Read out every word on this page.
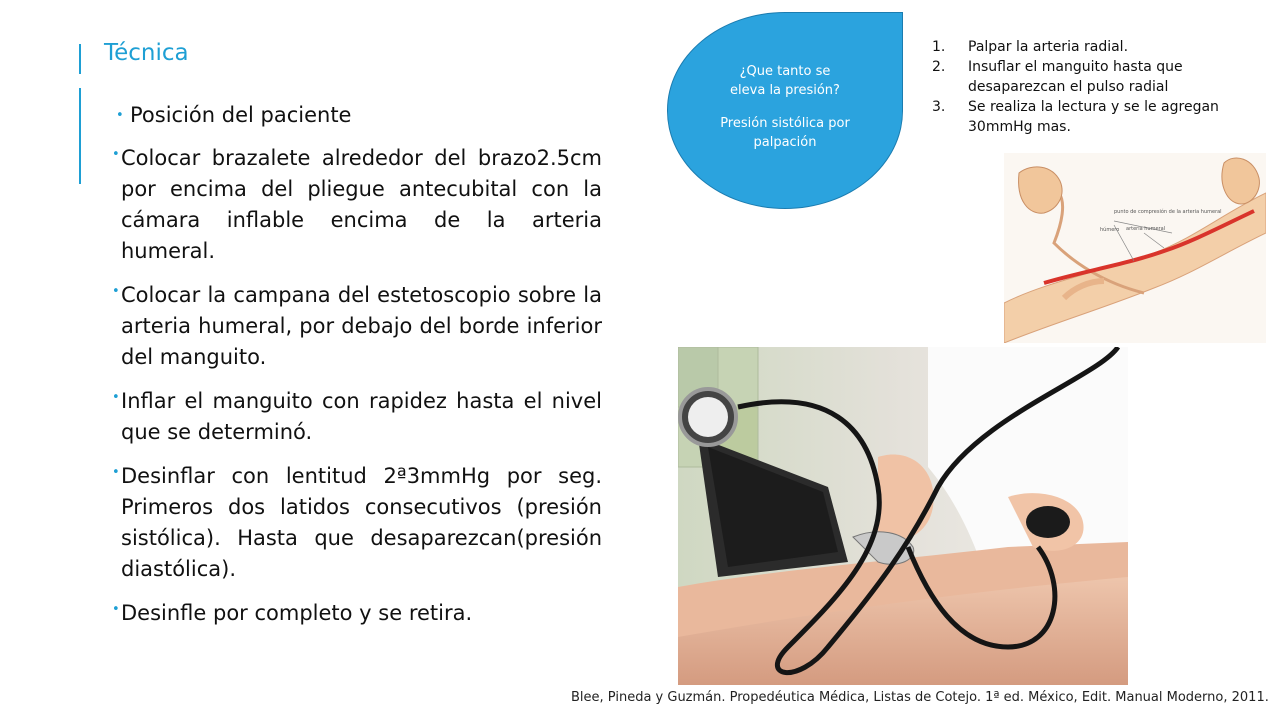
Técnica
• Posición del paciente
• Colocar brazalete alrededor del brazo2.5cm por encima del pliegue antecubital con la cámara inflable encima de la arteria humeral.
• Colocar la campana del estetoscopio sobre la arteria humeral, por debajo del borde inferior del manguito.
• Inflar el manguito con rapidez hasta el nivel que se determinó.
• Desinflar con lentitud 2ª3mmHg por seg. Primeros dos latidos consecutivos (presión sistólica). Hasta que desaparezcan(presión diastólica).
• Desinfle por completo y se retira.
¿Que tanto se
eleva la presión?
Presión sistólica por
palpación
1. Palpar la arteria radial.
2. Insuflar el manguito hasta que
desaparezcan el pulso radial
3. Se realiza la lectura y se le agregan
30mmHg mas.
punto de compresión de la arteria humeral
arteria humeral
húmero
Blee, Pineda y Guzmán. Propedéutica Médica, Listas de Cotejo. 1ª ed. México, Edit. Manual Moderno, 2011.
